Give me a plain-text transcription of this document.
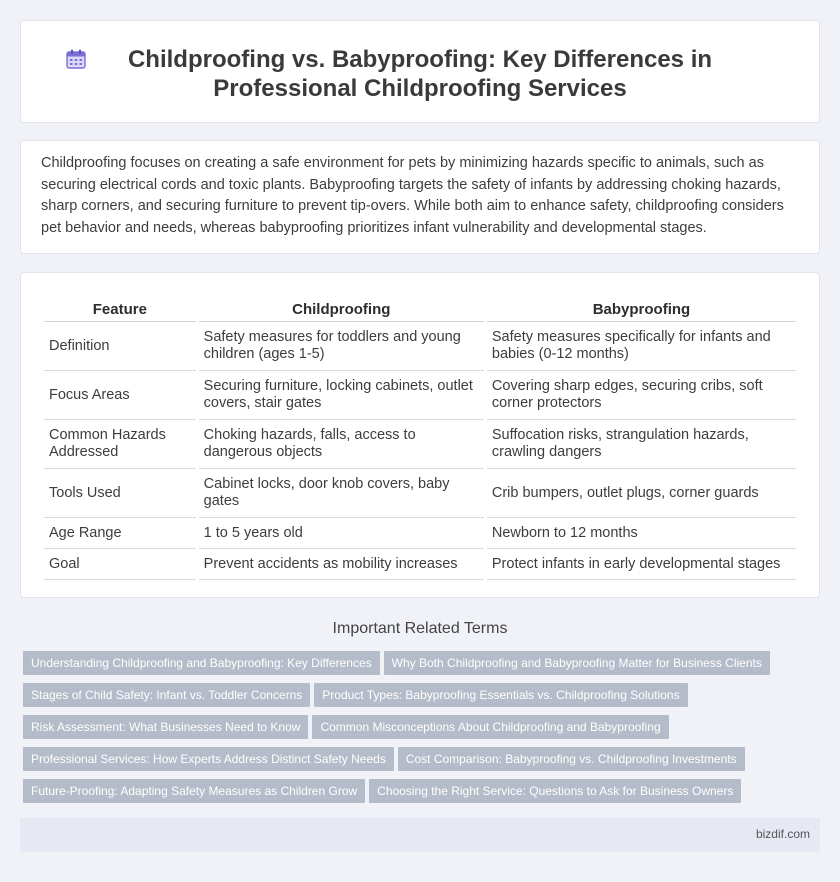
Childproofing vs. Babyproofing: Key Differences in Professional Childproofing Services

Childproofing focuses on creating a safe environment for pets by minimizing hazards specific to animals, such as securing electrical cords and toxic plants. Babyproofing targets the safety of infants by addressing choking hazards, sharp corners, and securing furniture to prevent tip-overs. While both aim to enhance safety, childproofing considers pet behavior and needs, whereas babyproofing prioritizes infant vulnerability and developmental stages.

Feature	Childproofing	Babyproofing
Definition	Safety measures for toddlers and young children (ages 1-5)	Safety measures specifically for infants and babies (0-12 months)
Focus Areas	Securing furniture, locking cabinets, outlet covers, stair gates	Covering sharp edges, securing cribs, soft corner protectors
Common Hazards Addressed	Choking hazards, falls, access to dangerous objects	Suffocation risks, strangulation hazards, crawling dangers
Tools Used	Cabinet locks, door knob covers, baby gates	Crib bumpers, outlet plugs, corner guards
Age Range	1 to 5 years old	Newborn to 12 months
Goal	Prevent accidents as mobility increases	Protect infants in early developmental stages
Important Related Terms
Understanding Childproofing and Babyproofing: Key Differences Why Both Childproofing and Babyproofing Matter for Business Clients
Stages of Child Safety: Infant vs. Toddler Concerns Product Types: Babyproofing Essentials vs. Childproofing Solutions
Risk Assessment: What Businesses Need to Know Common Misconceptions About Childproofing and Babyproofing
Professional Services: How Experts Address Distinct Safety Needs Cost Comparison: Babyproofing vs. Childproofing Investments
Future-Proofing: Adapting Safety Measures as Children Grow Choosing the Right Service: Questions to Ask for Business Owners
bizdif.com
